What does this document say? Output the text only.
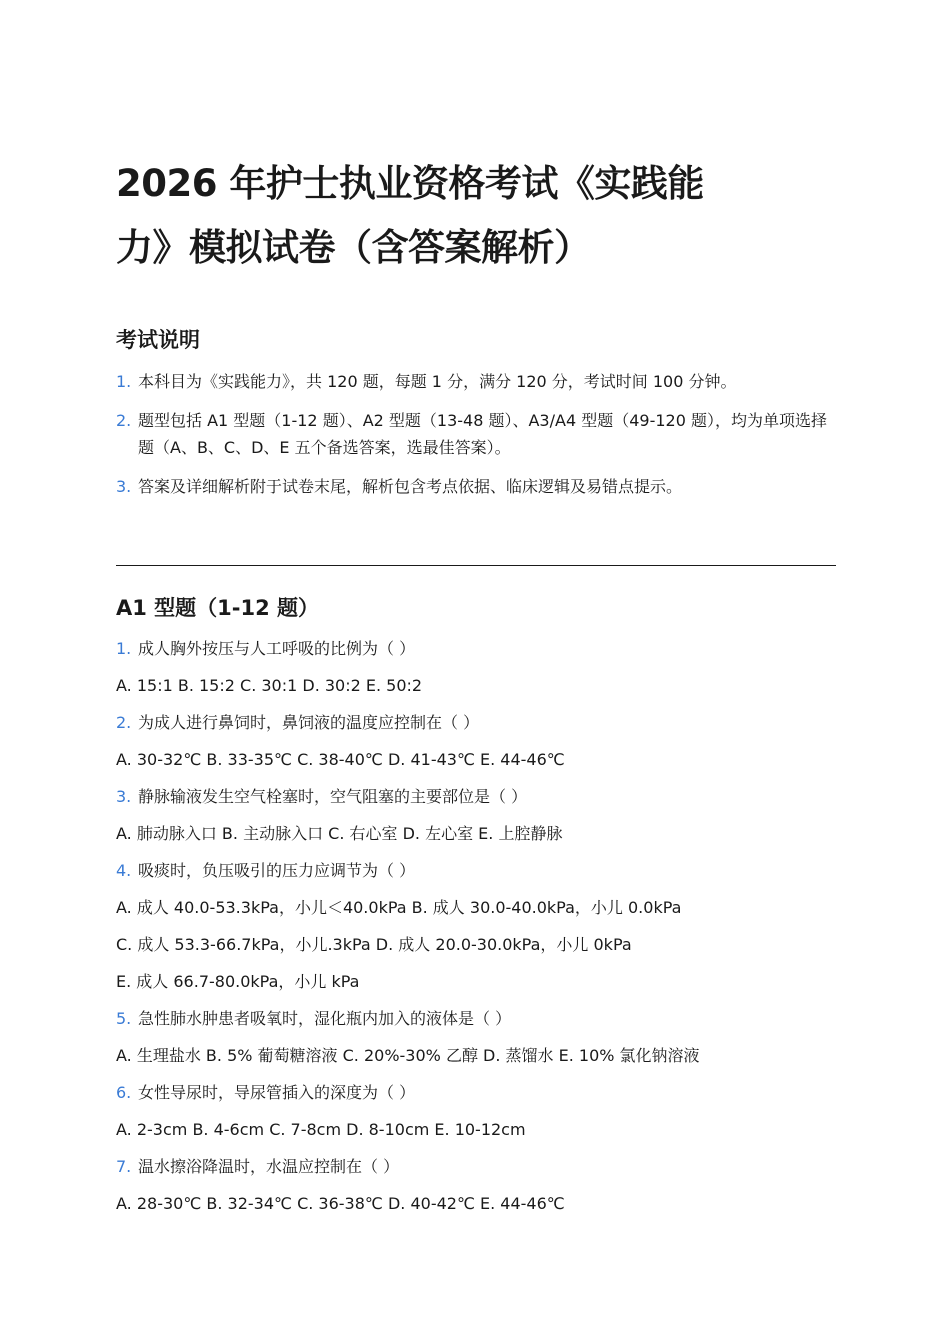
2026 年护士执业资格考试《实践能
力》模拟试卷（含答案解析）
考试说明
1. 本科目为《实践能力》，共 120 题，每题 1 分，满分 120 分，考试时间 100 分钟。
2. 题型包括 A1 型题（1-12 题）、A2 型题（13-48 题）、A3/A4 型题（49-120 题），均为单项选择题（A、B、C、D、E 五个备选答案，选最佳答案）。
3. 答案及详细解析附于试卷末尾，解析包含考点依据、临床逻辑及易错点提示。
A1 型题（1-12 题）
1. 成人胸外按压与人工呼吸的比例为（ ）
A. 15:1 B. 15:2 C. 30:1 D. 30:2 E. 50:2
2. 为成人进行鼻饲时，鼻饲液的温度应控制在（ ）
A. 30-32℃ B. 33-35℃ C. 38-40℃ D. 41-43℃ E. 44-46℃
3. 静脉输液发生空气栓塞时，空气阻塞的主要部位是（ ）
A. 肺动脉入口 B. 主动脉入口 C. 右心室 D. 左心室 E. 上腔静脉
4. 吸痰时，负压吸引的压力应调节为（ ）
A. 成人 40.0-53.3kPa，小儿＜40.0kPa B. 成人 30.0-40.0kPa，小儿 0.0kPa
C. 成人 53.3-66.7kPa，小儿.3kPa D. 成人 20.0-30.0kPa，小儿 0kPa
E. 成人 66.7-80.0kPa，小儿 kPa
5. 急性肺水肿患者吸氧时，湿化瓶内加入的液体是（ ）
A. 生理盐水 B. 5% 葡萄糖溶液 C. 20%-30% 乙醇 D. 蒸馏水 E. 10% 氯化钠溶液
6. 女性导尿时，导尿管插入的深度为（ ）
A. 2-3cm B. 4-6cm C. 7-8cm D. 8-10cm E. 10-12cm
7. 温水擦浴降温时，水温应控制在（ ）
A. 28-30℃ B. 32-34℃ C. 36-38℃ D. 40-42℃ E. 44-46℃
